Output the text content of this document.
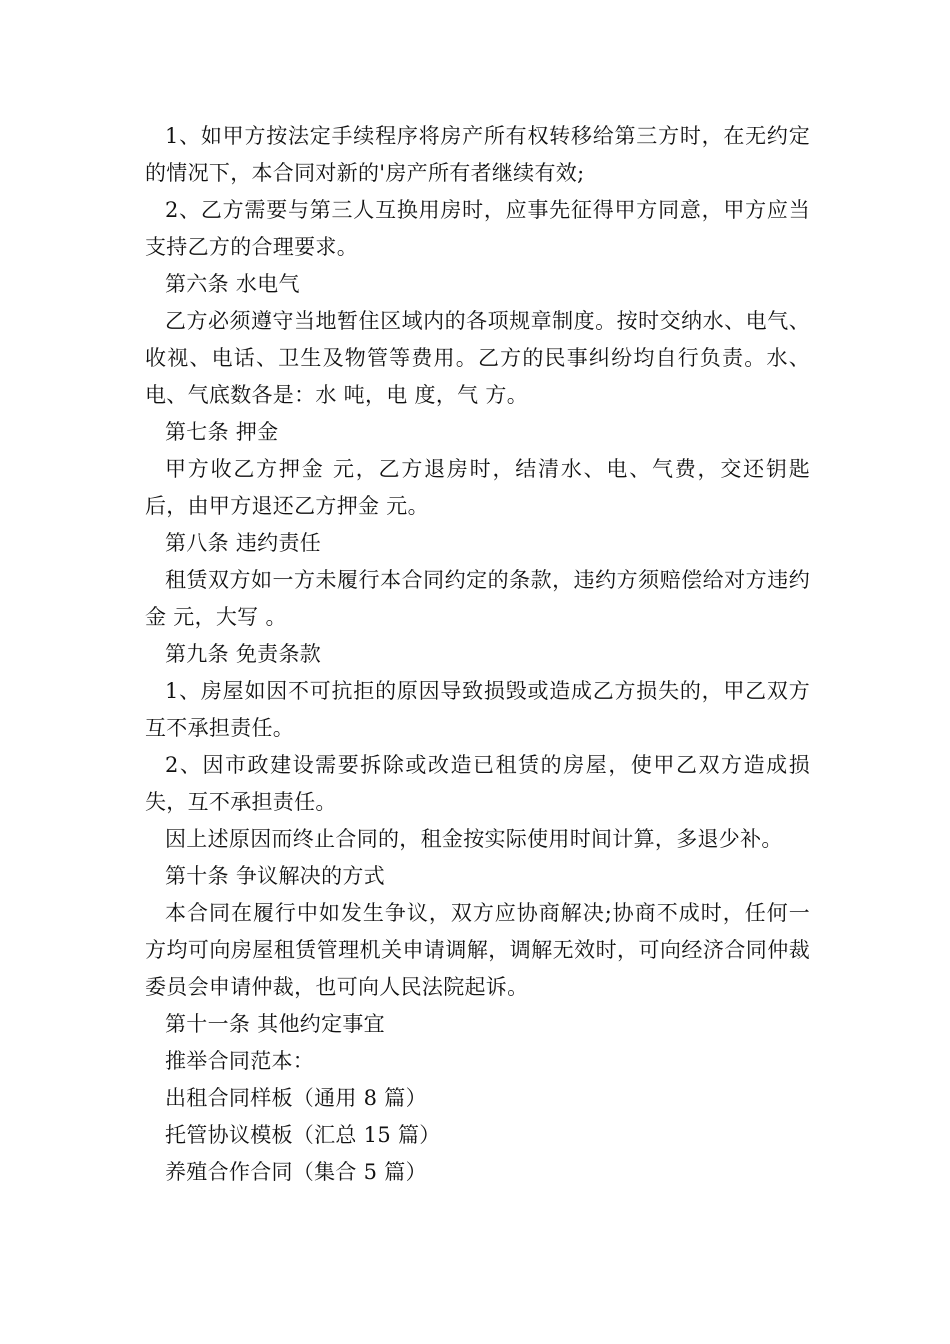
1、如甲方按法定手续程序将房产所有权转移给第三方时，在无约定的情况下，本合同对新的'房产所有者继续有效;

2、乙方需要与第三人互换用房时，应事先征得甲方同意，甲方应当支持乙方的合理要求。

第六条 水电气

乙方必须遵守当地暂住区域内的各项规章制度。按时交纳水、电气、收视、电话、卫生及物管等费用。乙方的民事纠纷均自行负责。水、电、气底数各是：水 吨，电 度，气 方。

第七条 押金

甲方收乙方押金 元，乙方退房时，结清水、电、气费，交还钥匙后，由甲方退还乙方押金 元。

第八条 违约责任

租赁双方如一方未履行本合同约定的条款，违约方须赔偿给对方违约金 元，大写 。

第九条 免责条款

1、房屋如因不可抗拒的原因导致损毁或造成乙方损失的，甲乙双方互不承担责任。

2、因市政建设需要拆除或改造已租赁的房屋，使甲乙双方造成损失，互不承担责任。

因上述原因而终止合同的，租金按实际使用时间计算，多退少补。

第十条 争议解决的方式

本合同在履行中如发生争议，双方应协商解决;协商不成时，任何一方均可向房屋租赁管理机关申请调解，调解无效时，可向经济合同仲裁委员会申请仲裁，也可向人民法院起诉。

第十一条 其他约定事宜

推举合同范本：

出租合同样板（通用 8 篇）

托管协议模板（汇总 15 篇）

养殖合作合同（集合 5 篇）
